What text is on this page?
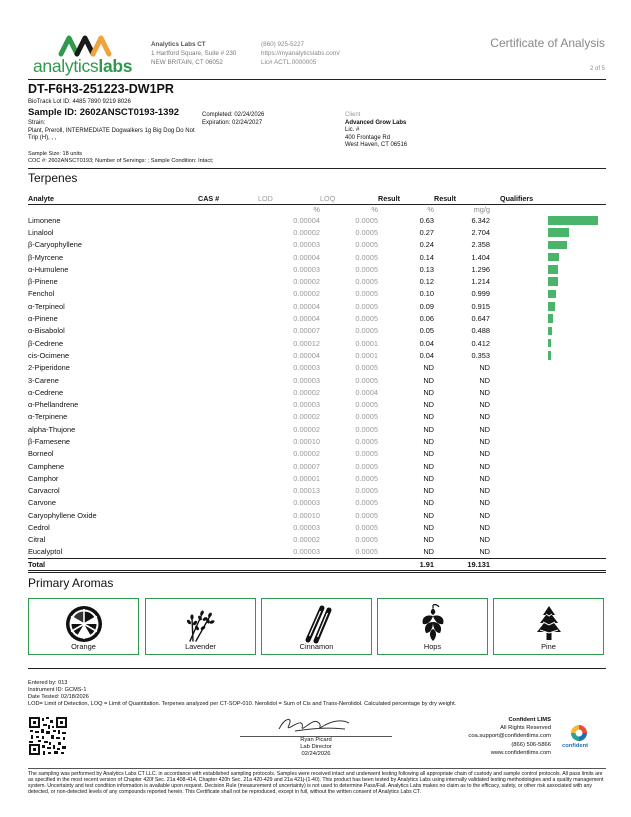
analyticslabs
Analytics Labs CT
1 Hartford Square, Suite # 230
NEW BRITAIN, CT 06052
(860) 925-5227
https://myanalyticslabs.com/
Lic# ACTL.0000005
Certificate of Analysis
2 of 5
DT-F6H3-251223-DW1PR
BioTrack Lot ID: 4485 7890 9219 8026
Sample ID: 2602ANSCT0193-1392
Strain:
Plant, Preroll, INTERMEDIATE Dogwalkers 1g Big Dog Do Not Trip (H), , ,
Completed: 02/24/2026
Expiration: 02/24/2027
Client
Advanced Grow Labs
Lic. #
400 Frontage Rd
West Haven, CT 06516
Sample Size: 18 units
COC #: 2602ANSCT0193; Number of Servings: ; Sample Condition: Intact;
Terpenes
Analyte	CAS #	LOD	LOQ	Result	Result	Qualifiers
		%	%	%	mg/g	
Limonene		0.00004	0.0005	0.63	6.342	

Linalool		0.00002	0.0005	0.27	2.704	

β-Caryophyllene		0.00003	0.0005	0.24	2.358	

β-Myrcene		0.00004	0.0005	0.14	1.404	

α-Humulene		0.00003	0.0005	0.13	1.296	

β-Pinene		0.00002	0.0005	0.12	1.214	

Fenchol		0.00002	0.0005	0.10	0.999	

α-Terpineol		0.00004	0.0005	0.09	0.915	

α-Pinene		0.00004	0.0005	0.06	0.647	

α-Bisabolol		0.00007	0.0005	0.05	0.488	

β-Cedrene		0.00012	0.0001	0.04	0.412	

cis-Ocimene		0.00004	0.0001	0.04	0.353	

2-Piperidone		0.00003	0.0005	ND	ND	
3-Carene		0.00003	0.0005	ND	ND	
α-Cedrene		0.00002	0.0004	ND	ND	
α-Phellandrene		0.00003	0.0005	ND	ND	
α-Terpinene		0.00002	0.0005	ND	ND	
alpha-Thujone		0.00002	0.0005	ND	ND	
β-Farnesene		0.00010	0.0005	ND	ND	
Borneol		0.00002	0.0005	ND	ND	
Camphene		0.00007	0.0005	ND	ND	
Camphor		0.00001	0.0005	ND	ND	
Carvacrol		0.00013	0.0005	ND	ND	
Carvone		0.00003	0.0005	ND	ND	
Caryophyllene Oxide		0.00010	0.0005	ND	ND	
Cedrol		0.00003	0.0005	ND	ND	
Citral		0.00002	0.0005	ND	ND	
Eucalyptol		0.00003	0.0005	ND	ND	
Total				1.91	19.131	
Primary Aromas
Orange	Lavender	Cinnamon	Hops	Pine
Entered by: 013
Instrument ID: GCMS-1
Date Tested: 02/18/2026
LOD= Limit of Detection, LOQ = Limit of Quantitation. Terpenes analyzed per CT-SOP-010. Nerolidol = Sum of Cis and Trans-Nerolidol. Calculated percentage by dry weight.
Ryan Picard
Lab Director
02/24/2026
Confident LIMS
All Rights Reserved
coa.support@confidentlims.com
(866) 506-5866
www.confidentlims.com
confident
The sampling was performed by Analytics Labs CT LLC. in accordance with established sampling protocols. Samples were received intact and underwent testing following all appropriate chain of custody and sample control protocols. All pass limits are as specified in the most recent version of Chapter 420f Sec. 21a 408-414, Chapter 420h Sec. 21a 420-429 and 21a 421j-(1-40). This product has been tested by Analytics Labs using internally validated testing methodologies and a quality management system. Uncertainty and test condition information is available upon request. Decision Rule (measurement of uncertainty) is not used to determine Pass/Fail. Analytics Labs makes no claim as to the efficacy, safety, or other risk associated with any detected, or non-detected levels of any compounds reported herein. This Certificate shall not be reproduced, except in full, without the written consent of Analytics Labs CT.
